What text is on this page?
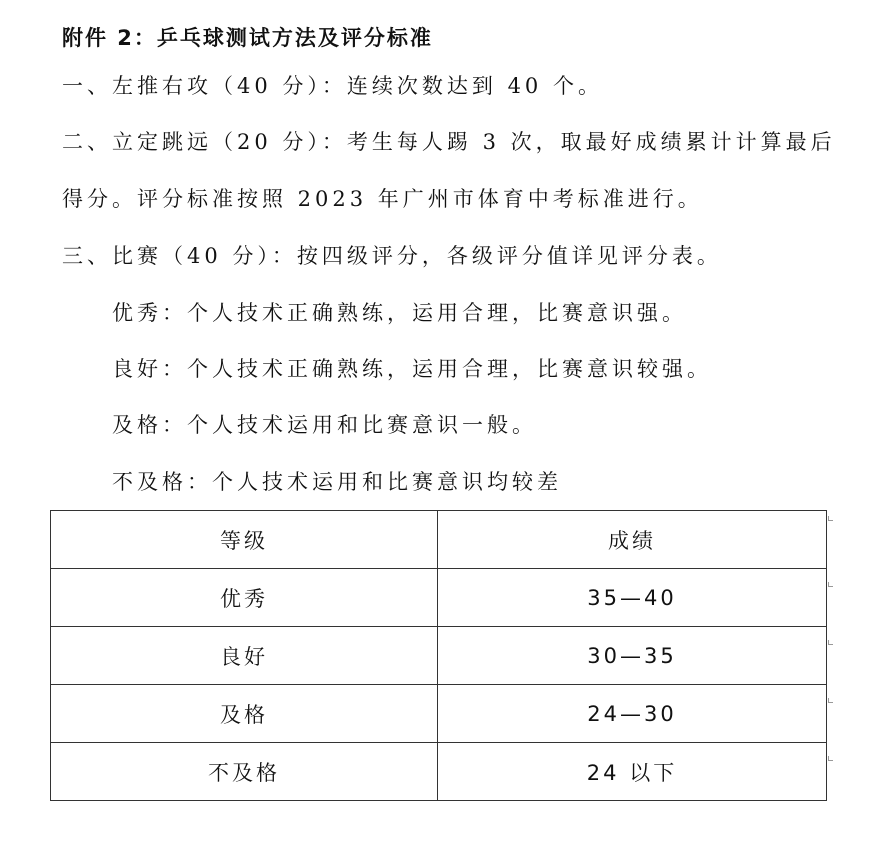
附件 2：乒乓球测试方法及评分标准
一、左推右攻（40 分）：连续次数达到 40 个。
二、立定跳远（20 分）：考生每人踢 3 次，取最好成绩累计计算最后
得分。评分标准按照 2023 年广州市体育中考标准进行。
三、比赛（40 分）：按四级评分，各级评分值详见评分表。
优秀：个人技术正确熟练，运用合理，比赛意识强。
良好：个人技术正确熟练，运用合理，比赛意识较强。
及格：个人技术运用和比赛意识一般。
不及格：个人技术运用和比赛意识均较差
等级	成绩
优秀	35—40
良好	30—35
及格	24—30
不及格	24 以下
